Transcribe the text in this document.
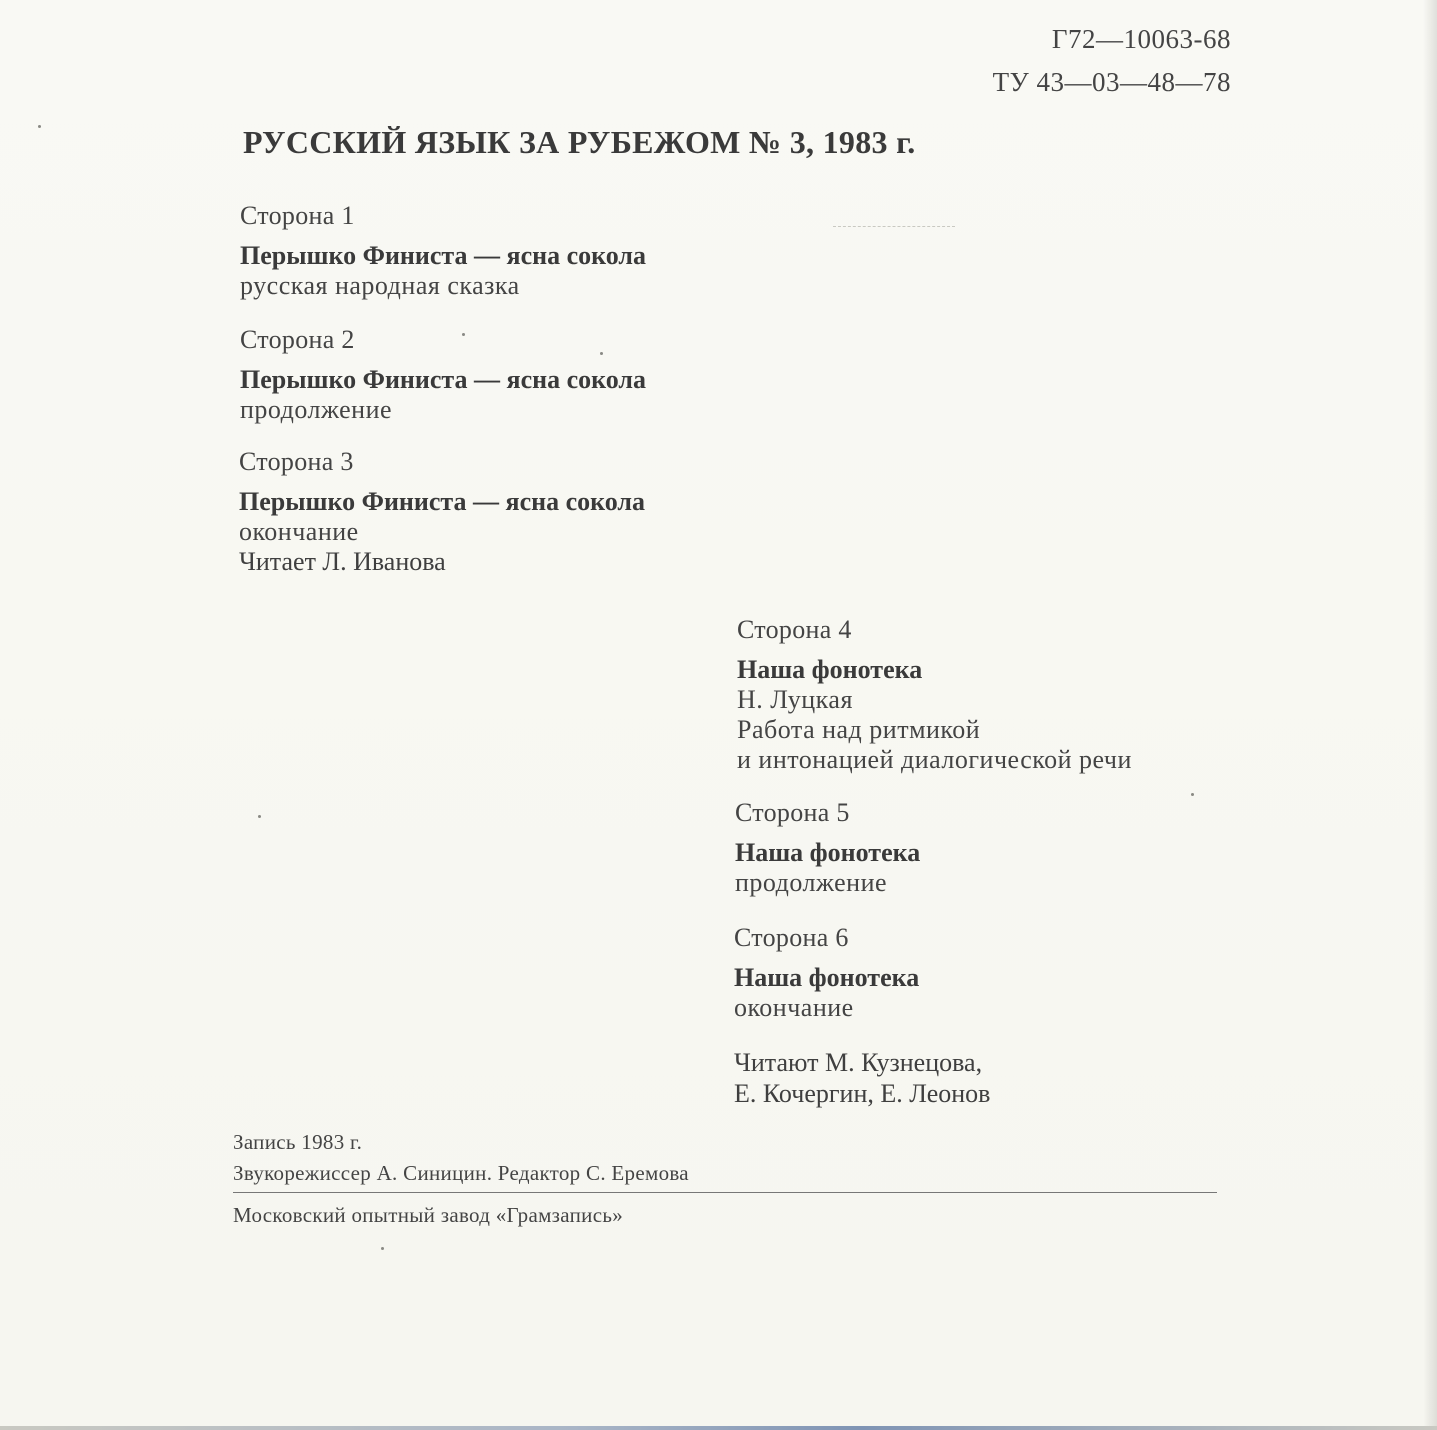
Г72—10063-68
ТУ 43—03—48—78
РУССКИЙ ЯЗЫК ЗА РУБЕЖОМ № 3, 1983 г.
Сторона 1
Перышко Финиста — ясна сокола
русская народная сказка
Сторона 2
Перышко Финиста — ясна сокола
продолжение
Сторона 3
Перышко Финиста — ясна сокола
окончание
Читает Л. Иванова
Сторона 4
Наша фонотека
Н. Луцкая
Работа над ритмикой
и интонацией диалогической речи
Сторона 5
Наша фонотека
продолжение
Сторона 6
Наша фонотека
окончание
Читают М. Кузнецова,
Е. Кочергин, Е. Леонов
Запись 1983 г.
Звукорежиссер А. Синицин. Редактор С. Еремова
Московский опытный завод «Грамзапись»
